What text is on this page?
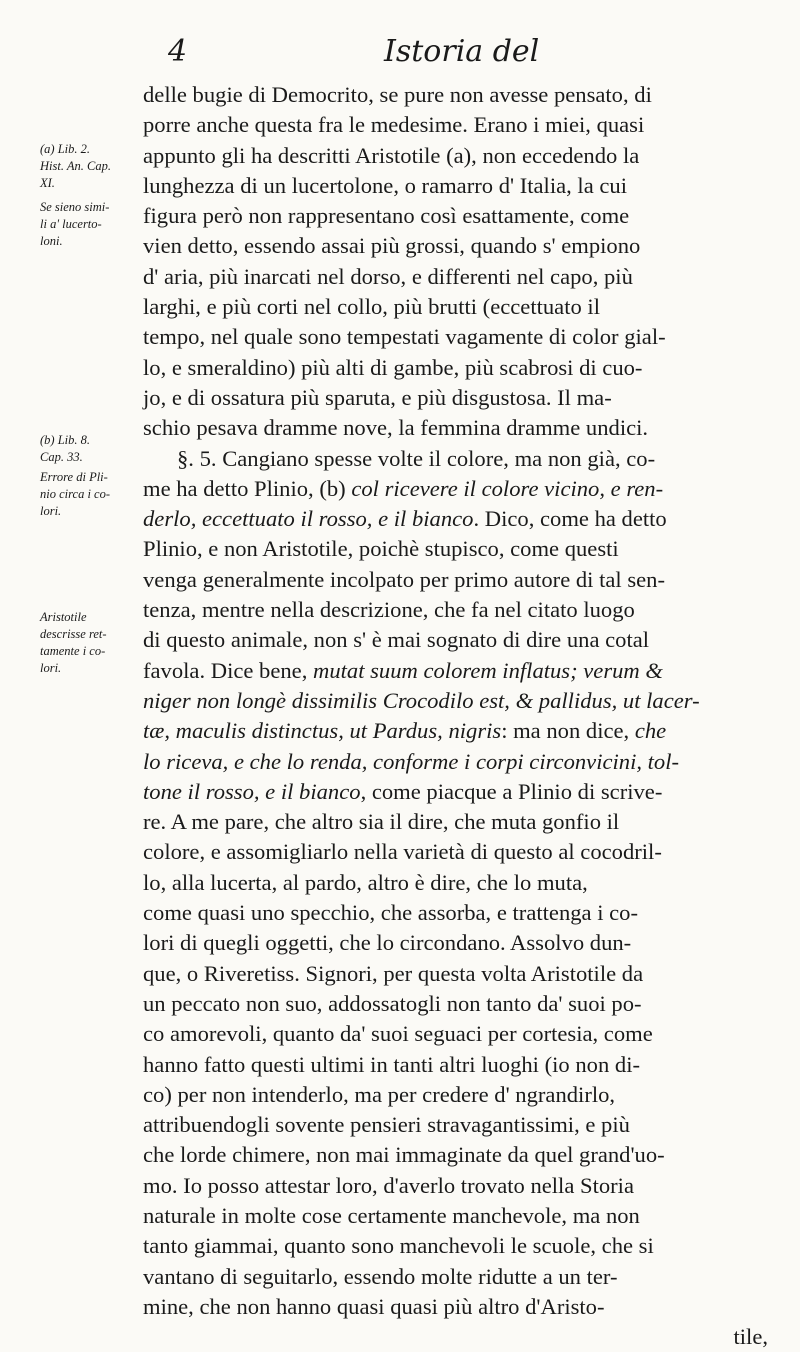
4	Istoria del
(a) Lib. 2.
Hist. An. Cap.
XI.
Se sieno simi-
li a' lucerto-
loni.
(b) Lib. 8.
Cap. 33.
Errore di Pli-
nio circa i co-
lori.
Aristotile
descrisse ret-
tamente i co-
lori.
delle bugie di Democrito, se pure non avesse pensato, di
porre anche questa fra le medesime. Erano i miei, quasi
appunto gli ha descritti Aristotile (a), non eccedendo la
lunghezza di un lucertolone, o ramarro d' Italia, la cui
figura però non rappresentano così esattamente, come
vien detto, essendo assai più grossi, quando s' empiono
d' aria, più inarcati nel dorso, e differenti nel capo, più
larghi, e più corti nel collo, più brutti (eccettuato il
tempo, nel quale sono tempestati vagamente di color gial-
lo, e smeraldino) più alti di gambe, più scabrosi di cuo-
jo, e di ossatura più sparuta, e più disgustosa. Il ma-
schio pesava dramme nove, la femmina dramme undici.
§. 5. Cangiano spesse volte il colore, ma non già, co-
me ha detto Plinio, (b) col ricevere il colore vicino, e ren-
derlo, eccettuato il rosso, e il bianco. Dico, come ha detto
Plinio, e non Aristotile, poichè stupisco, come questi
venga generalmente incolpato per primo autore di tal sen-
tenza, mentre nella descrizione, che fa nel citato luogo
di questo animale, non s' è mai sognato di dire una cotal
favola. Dice bene, mutat suum colorem inflatus; verum &
niger non longè dissimilis Crocodilo est, & pallidus, ut lacer-
tæ, maculis distinctus, ut Pardus, nigris: ma non dice, che
lo riceva, e che lo renda, conforme i corpi circonvicini, tol-
tone il rosso, e il bianco, come piacque a Plinio di scrive-
re. A me pare, che altro sia il dire, che muta gonfio il
colore, e assomigliarlo nella varietà di questo al cocodril-
lo, alla lucerta, al pardo, altro è dire, che lo muta,
come quasi uno specchio, che assorba, e trattenga i co-
lori di quegli oggetti, che lo circondano. Assolvo dun-
que, o Riveretiss. Signori, per questa volta Aristotile da
un peccato non suo, addossatogli non tanto da' suoi po-
co amorevoli, quanto da' suoi seguaci per cortesia, come
hanno fatto questi ultimi in tanti altri luoghi (io non di-
co) per non intenderlo, ma per credere d' ngrandirlo,
attribuendogli sovente pensieri stravagantissimi, e più
che lorde chimere, non mai immaginate da quel grand'uo-
mo. Io posso attestar loro, d'averlo trovato nella Storia
naturale in molte cose certamente manchevole, ma non
tanto giammai, quanto sono manchevoli le scuole, che si
vantano di seguitarlo, essendo molte ridutte a un ter-
mine, che non hanno quasi quasi più altro d'Aristo-
tile,
